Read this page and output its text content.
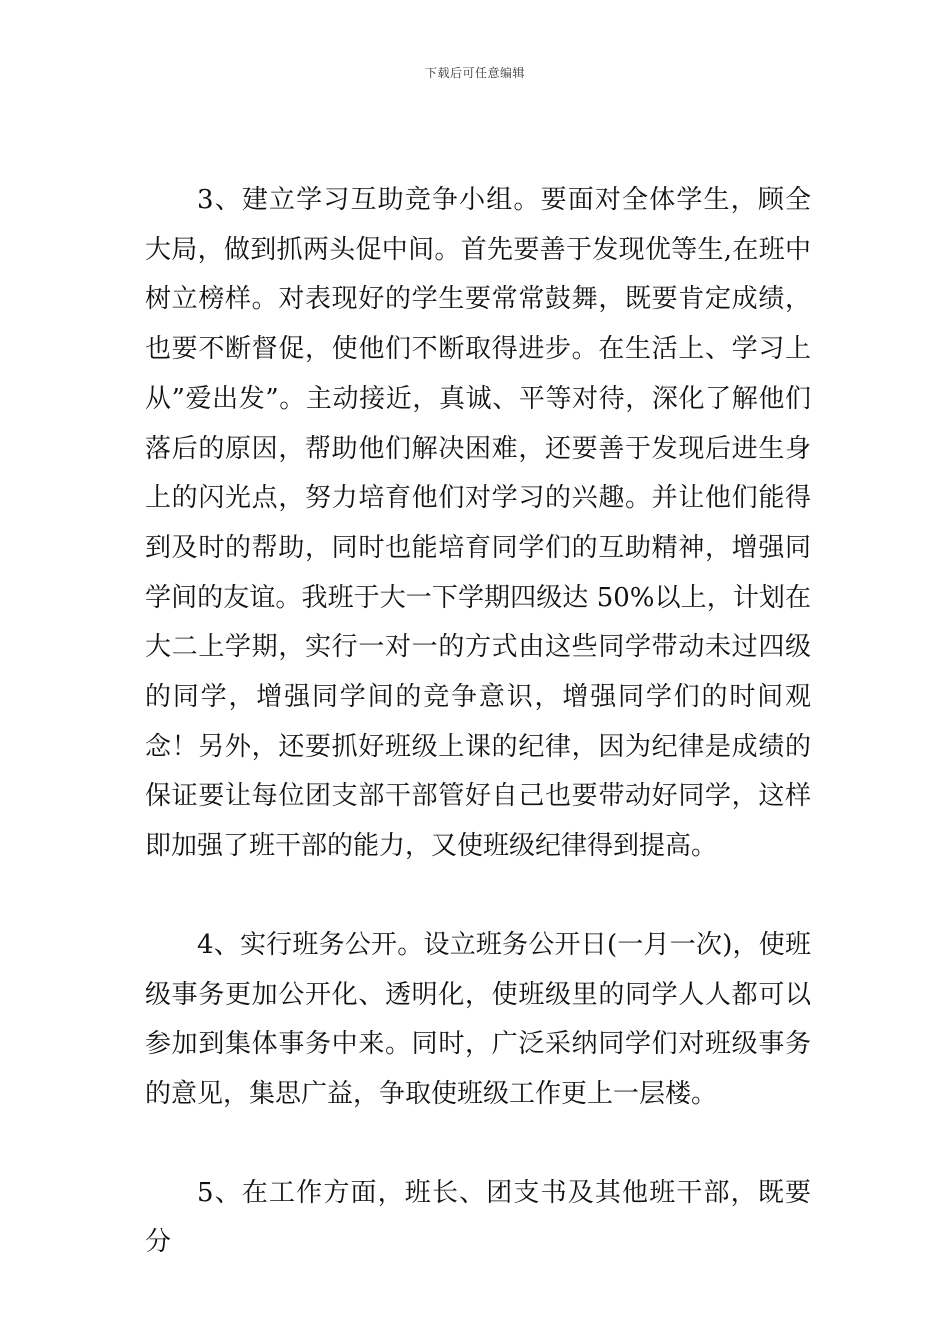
下载后可任意编辑

3、建立学习互助竞争小组。要面对全体学生，顾全大局，做到抓两头促中间。首先要善于发现优等生,在班中树立榜样。对表现好的学生要常常鼓舞，既要肯定成绩，也要不断督促，使他们不断取得进步。在生活上、学习上从”爱出发”。主动接近，真诚、平等对待，深化了解他们落后的原因，帮助他们解决困难，还要善于发现后进生身上的闪光点，努力培育他们对学习的兴趣。并让他们能得到及时的帮助，同时也能培育同学们的互助精神，增强同学间的友谊。我班于大一下学期四级达 50%以上，计划在大二上学期，实行一对一的方式由这些同学带动未过四级的同学，增强同学间的竞争意识，增强同学们的时间观念！另外，还要抓好班级上课的纪律，因为纪律是成绩的保证要让每位团支部干部管好自己也要带动好同学，这样即加强了班干部的能力，又使班级纪律得到提高。

4、实行班务公开。设立班务公开日(一月一次)，使班级事务更加公开化、透明化，使班级里的同学人人都可以参加到集体事务中来。同时，广泛采纳同学们对班级事务的意见，集思广益，争取使班级工作更上一层楼。

5、在工作方面，班长、团支书及其他班干部，既要分
